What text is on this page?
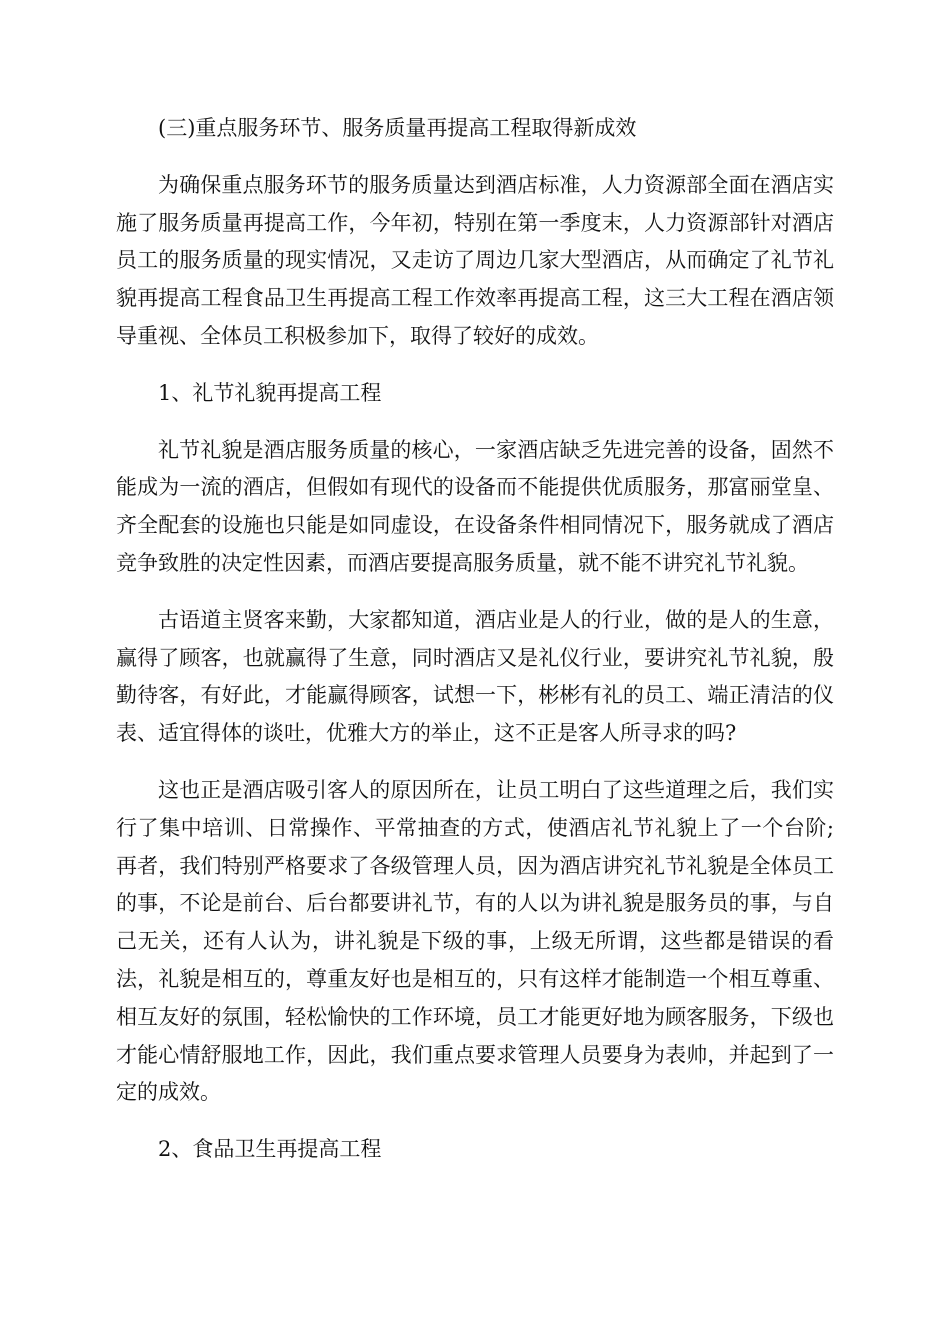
(三)重点服务环节、服务质量再提高工程取得新成效

为确保重点服务环节的服务质量达到酒店标准，人力资源部全面在酒店实施了服务质量再提高工作，今年初，特别在第一季度末，人力资源部针对酒店员工的服务质量的现实情况，又走访了周边几家大型酒店，从而确定了礼节礼貌再提高工程食品卫生再提高工程工作效率再提高工程，这三大工程在酒店领导重视、全体员工积极参加下，取得了较好的成效。

1、礼节礼貌再提高工程

礼节礼貌是酒店服务质量的核心，一家酒店缺乏先进完善的设备，固然不能成为一流的酒店，但假如有现代的设备而不能提供优质服务，那富丽堂皇、齐全配套的设施也只能是如同虚设，在设备条件相同情况下，服务就成了酒店竞争致胜的决定性因素，而酒店要提高服务质量，就不能不讲究礼节礼貌。

古语道主贤客来勤，大家都知道，酒店业是人的行业，做的是人的生意，赢得了顾客，也就赢得了生意，同时酒店又是礼仪行业，要讲究礼节礼貌，殷勤待客，有好此，才能赢得顾客，试想一下，彬彬有礼的员工、端正清洁的仪表、适宜得体的谈吐，优雅大方的举止，这不正是客人所寻求的吗?

这也正是酒店吸引客人的原因所在，让员工明白了这些道理之后，我们实行了集中培训、日常操作、平常抽查的方式，使酒店礼节礼貌上了一个台阶;再者，我们特别严格要求了各级管理人员，因为酒店讲究礼节礼貌是全体员工的事，不论是前台、后台都要讲礼节，有的人以为讲礼貌是服务员的事，与自己无关，还有人认为，讲礼貌是下级的事，上级无所谓，这些都是错误的看法，礼貌是相互的，尊重友好也是相互的，只有这样才能制造一个相互尊重、相互友好的氛围，轻松愉快的工作环境，员工才能更好地为顾客服务，下级也才能心情舒服地工作，因此，我们重点要求管理人员要身为表帅，并起到了一定的成效。

2、食品卫生再提高工程
